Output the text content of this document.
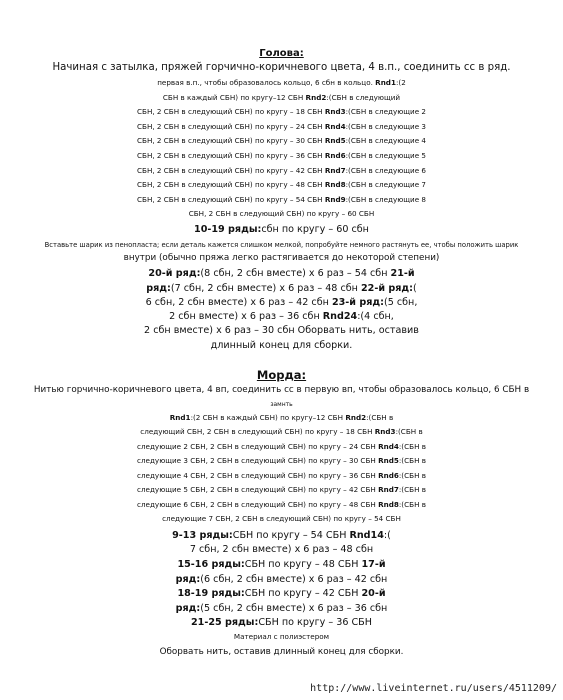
Голова:
Начиная с затылка, пряжей горчично-коричневого цвета, 4 в.п., соединить сс в ряд.
первая в.п., чтобы образовалось кольцо, 6 сбн в кольцо. Rnd1:(2
СБН в каждый СБН) по кругу–12 СБН Rnd2:(СБН в следующий
СБН, 2 СБН в следующий СБН) по кругу – 18 СБН Rnd3:(СБН в следующие 2
СБН, 2 СБН в следующий СБН) по кругу – 24 СБН Rnd4:(СБН в следующие 3
СБН, 2 СБН в следующий СБН) по кругу – 30 СБН Rnd5:(СБН в следующие 4
СБН, 2 СБН в следующий СБН) по кругу – 36 СБН Rnd6:(СБН в следующие 5
СБН, 2 СБН в следующий СБН) по кругу – 42 СБН Rnd7:(СБН в следующие 6
СБН, 2 СБН в следующий СБН) по кругу – 48 СБН Rnd8:(СБН в следующие 7
СБН, 2 СБН в следующий СБН) по кругу – 54 СБН Rnd9:(СБН в следующие 8
СБН, 2 СБН в следующий СБН) по кругу – 60 СБН
10-19 ряды:сбн по кругу – 60 сбн
Вставьте шарик из пенопласта; если деталь кажется слишком мелкой, попробуйте немного растянуть ее, чтобы положить шарик
внутри (обычно пряжа легко растягивается до некоторой степени)
20-й ряд:(8 сбн, 2 сбн вместе) х 6 раз – 54 сбн 21-й
ряд:(7 сбн, 2 сбн вместе) х 6 раз – 48 сбн 22-й ряд:(
6 сбн, 2 сбн вместе) х 6 раз – 42 сбн 23-й ряд:(5 сбн,
2 сбн вместе) х 6 раз – 36 сбн Rnd24:(4 сбн,
2 сбн вместе) х 6 раз – 30 сбн Оборвать нить, оставив
длинный конец для сборки.
Морда:
Нитью горчично-коричневого цвета, 4 вп, соединить сс в первую вп, чтобы образовалось кольцо, 6 СБН в
замнть
Rnd1:(2 СБН в каждый СБН) по кругу–12 СБН Rnd2:(СБН в
следующий СБН, 2 СБН в следующий СБН) по кругу – 18 СБН Rnd3:(СБН в
следующие 2 СБН, 2 СБН в следующий СБН) по кругу – 24 СБН Rnd4:(СБН в
следующие 3 СБН, 2 СБН в следующий СБН) по кругу – 30 СБН Rnd5:(СБН в
следующие 4 СБН, 2 СБН в следующий СБН) по кругу – 36 СБН Rnd6:(СБН в
следующие 5 СБН, 2 СБН в следующий СБН) по кругу – 42 СБН Rnd7:(СБН в
следующие 6 СБН, 2 СБН в следующий СБН) по кругу – 48 СБН Rnd8:(СБН в
следующие 7 СБН, 2 СБН в следующий СБН) по кругу – 54 СБН
9-13 ряды:СБН по кругу – 54 СБН Rnd14:(
7 сбн, 2 сбн вместе) х 6 раз – 48 сбн
15-16 ряды:СБН по кругу – 48 СБН 17-й
ряд:(6 сбн, 2 сбн вместе) х 6 раз – 42 сбн
18-19 ряды:СБН по кругу – 42 СБН 20-й
ряд:(5 сбн, 2 сбн вместе) х 6 раз – 36 сбн
21-25 ряды:СБН по кругу – 36 СБН
Материал с полиэстером
Оборвать нить, оставив длинный конец для сборки.
http://www.liveinternet.ru/users/4511209/
